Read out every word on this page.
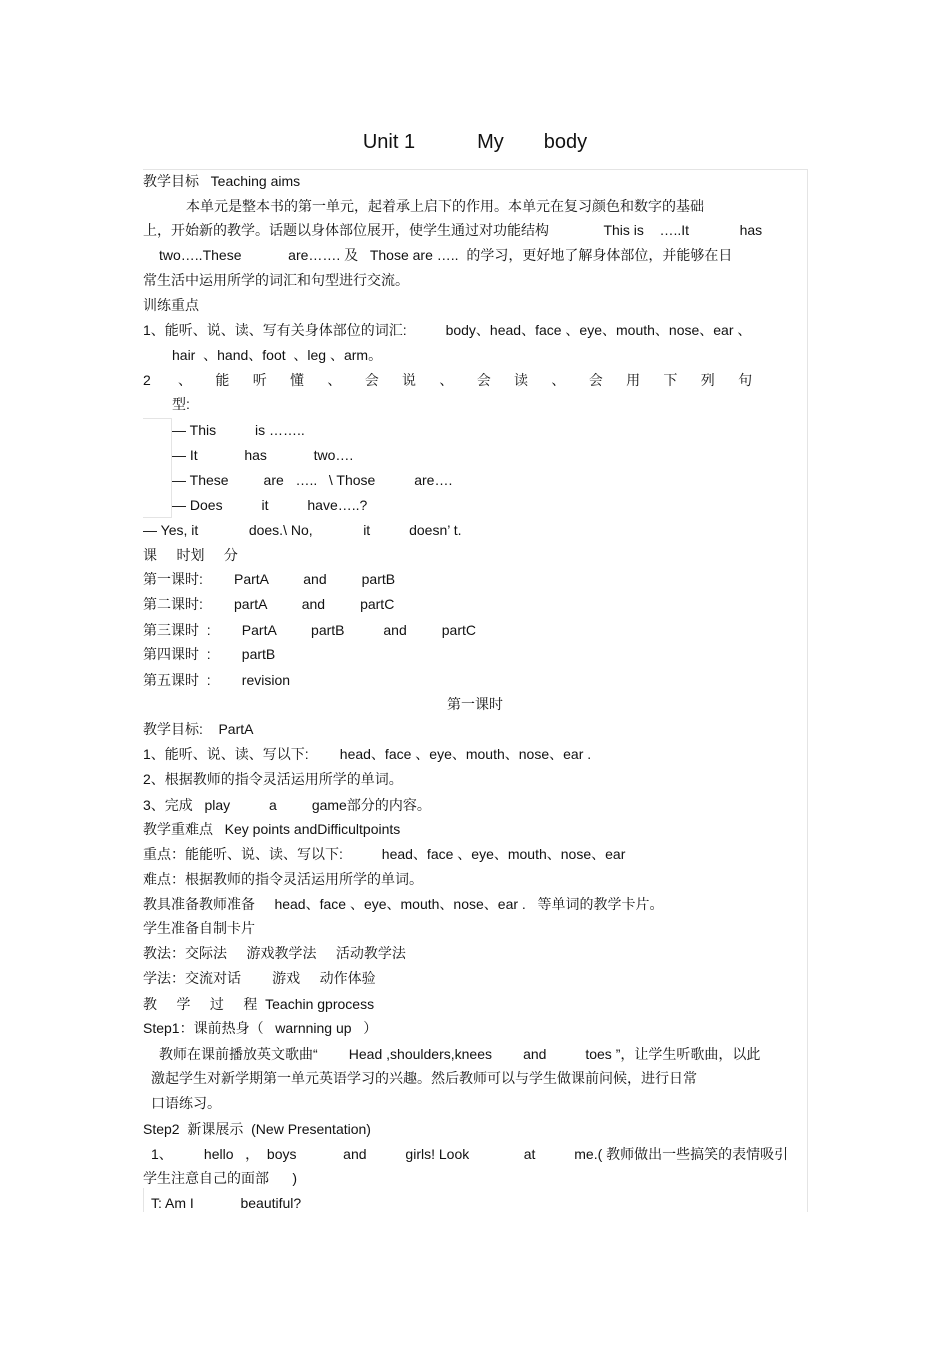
Unit 1	My body
教学目标   Teaching aims
本单元是整本书的第一单元，起着承上启下的作用。本单元在复习颜色和数字的基础
上，开始新的教学。话题以身体部位展开，使学生通过对功能结构              This is    …..It             has
two…..These            are……. 及   Those are …..  的学习，更好地了解身体部位，并能够在日
常生活中运用所学的词汇和句型进行交流。
训练重点
1、能听、说、读、写有关身体部位的词汇:          body、head、face 、eye、mouth、nose、ear 、
hair  、hand、foot  、leg 、arm。
2       、      能      听      懂      、      会      说      、      会      读      、      会      用      下      列      句
型:
— This          is ……..
— It            has            two….
— These         are   …..   \ Those          are….
— Does          it          have…..?
— Yes, it             does.\ No,             it          doesn’ t.
课     时划     分
第一课时:        PartA         and         partB
第二课时:        partA         and         partC
第三课时  :        PartA         partB          and         partC
第四课时  :        partB
第五课时  :        revision
第一课时
教学目标:    PartA
1、能听、说、读、写以下:        head、face 、eye、mouth、nose、ear .
2、根据教师的指令灵活运用所学的单词。
3、完成   play          a         game部分的内容。
教学重难点   Key points andDifficultpoints
重点：能能听、说、读、写以下:          head、face 、eye、mouth、nose、ear
难点：根据教师的指令灵活运用所学的单词。
教具准备教师准备     head、face 、eye、mouth、nose、ear .   等单词的教学卡片。
学生准备自制卡片
教法：交际法     游戏教学法     活动教学法
学法：交流对话        游戏     动作体验
教     学     过     程  Teachin gprocess
Step1：课前热身（   warnning up   ）
教师在课前播放英文歌曲“        Head ,shoulders,knees        and          toes ”，让学生听歌曲，以此
激起学生对新学期第一单元英语学习的兴趣。然后教师可以与学生做课前问候，进行日常
口语练习。
Step2  新课展示  (New Presentation)
1、        hello   ，  boys            and          girls! Look              at          me.( 教师做出一些搞笑的表情吸引
学生注意自己的面部      )
T: Am I            beautiful?
